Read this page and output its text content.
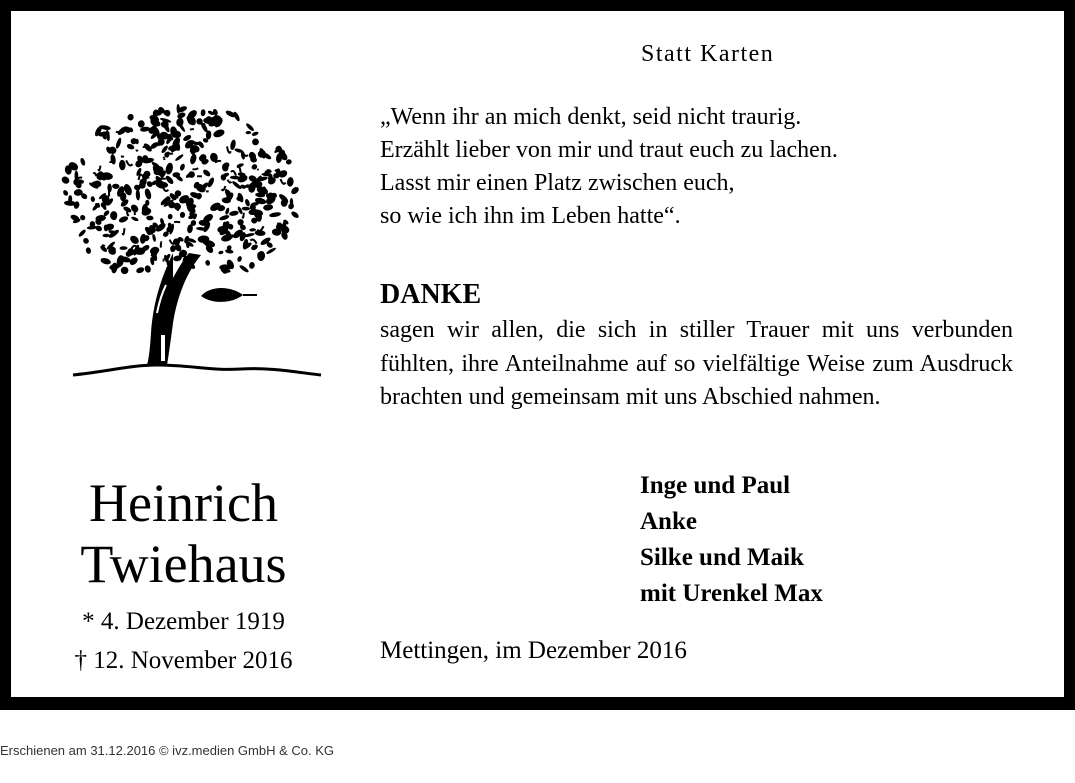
Statt Karten
„Wenn ihr an mich denkt, seid nicht traurig.
Erzählt lieber von mir und traut euch zu lachen.
Lasst mir einen Platz zwischen euch,
so wie ich ihn im Leben hatte“.
DANKE
sagen wir allen, die sich in stiller Trauer mit uns verbunden fühlten, ihre Anteilnahme auf so vielfältige Weise zum Ausdruck brachten und gemeinsam mit uns Abschied nahmen.
Inge und Paul
Anke
Silke und Maik
mit Urenkel Max
Heinrich
Twiehaus
* 4. Dezember 1919
† 12. November 2016	Mettingen, im Dezember 2016
Erschienen am 31.12.2016 © ivz.medien GmbH & Co. KG
